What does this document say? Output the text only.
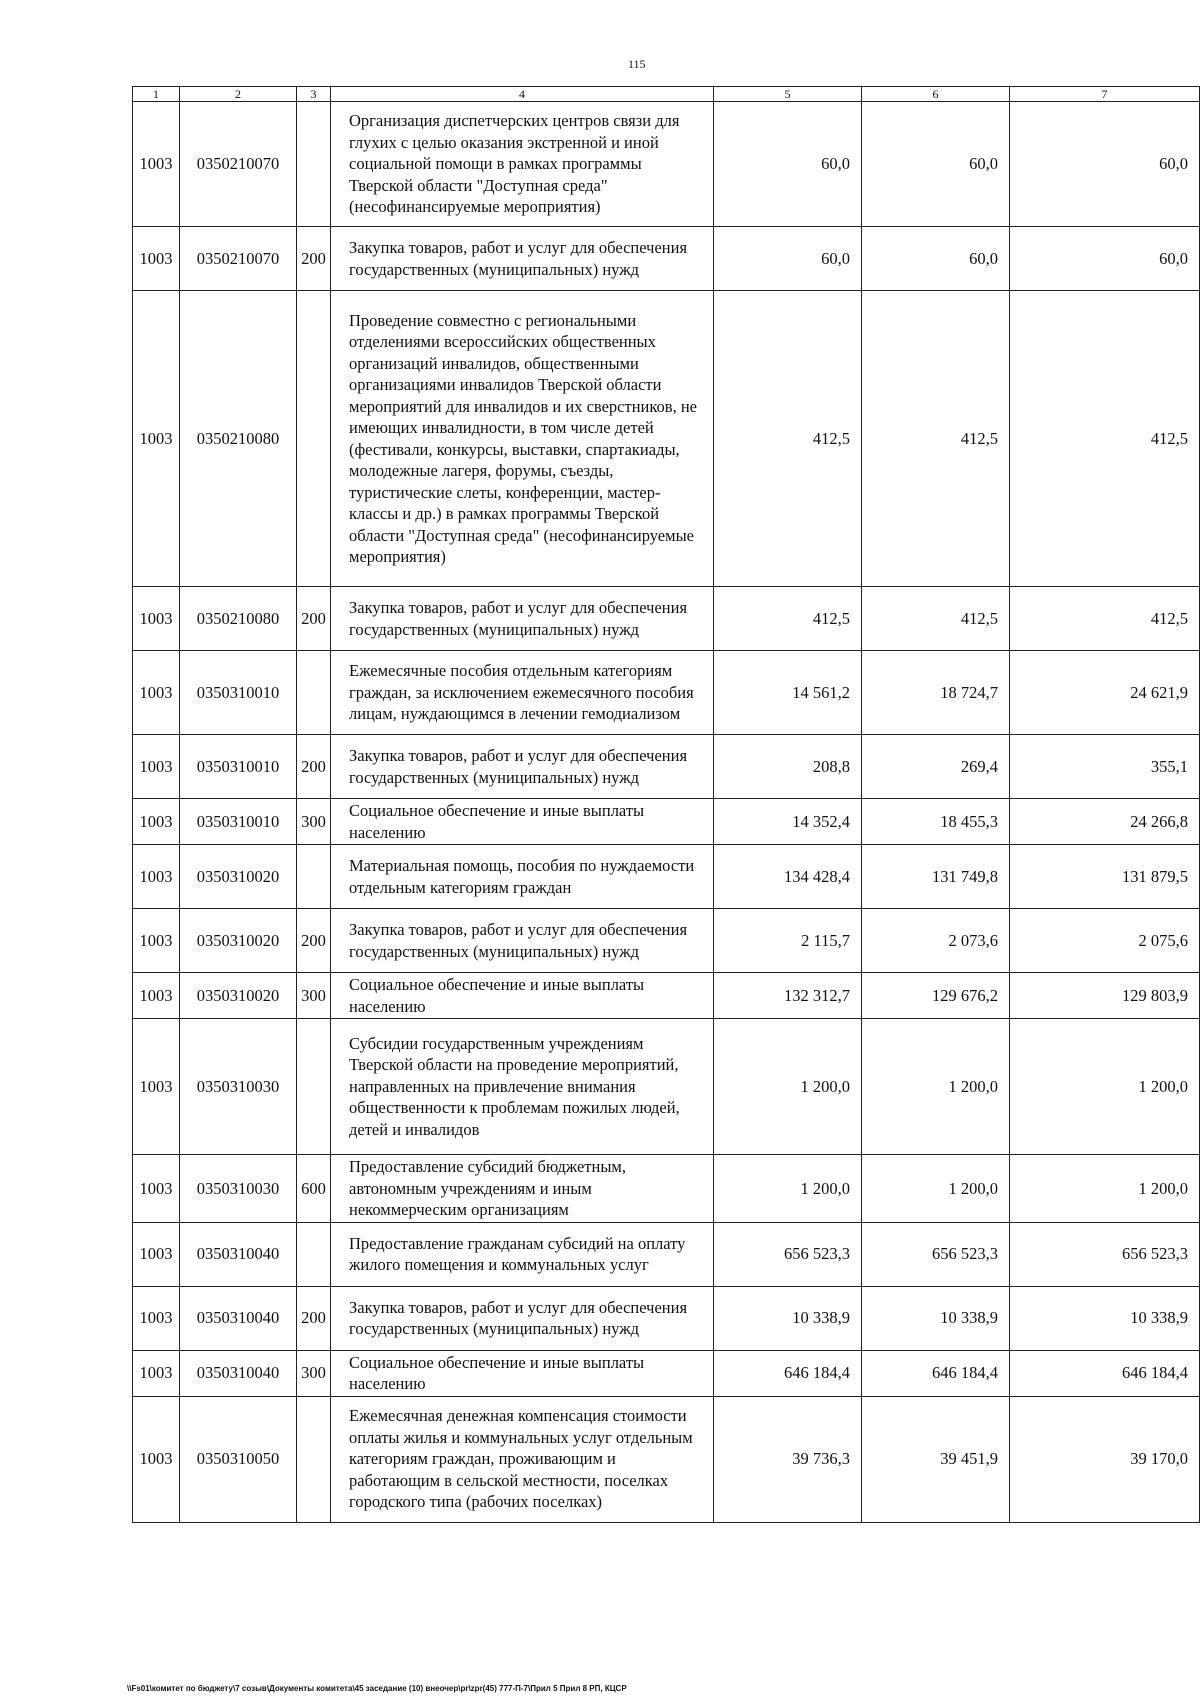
115
1	2	3	4	5	6	7
1003	0350210070		Организация диспетчерских центров связи для глухих с целью оказания экстренной и иной социальной помощи в рамках программы Тверской области "Доступная среда" (несофинансируемые мероприятия)	60,0	60,0	60,0
1003	0350210070	200	Закупка товаров, работ и услуг для обеспечения государственных (муниципальных) нужд	60,0	60,0	60,0
1003	0350210080		Проведение совместно с региональными отделениями всероссийских общественных организаций инвалидов, общественными организациями инвалидов Тверской области мероприятий для инвалидов и их сверстников, не имеющих инвалидности, в том числе детей (фестивали, конкурсы, выставки, спартакиады, молодежные лагеря, форумы, съезды, туристические слеты, конференции, мастер-классы и др.) в рамках программы Тверской области "Доступная среда" (несофинансируемые мероприятия)	412,5	412,5	412,5
1003	0350210080	200	Закупка товаров, работ и услуг для обеспечения государственных (муниципальных) нужд	412,5	412,5	412,5
1003	0350310010		Ежемесячные пособия отдельным категориям граждан, за исключением ежемесячного пособия лицам, нуждающимся в лечении гемодиализом	14 561,2	18 724,7	24 621,9
1003	0350310010	200	Закупка товаров, работ и услуг для обеспечения государственных (муниципальных) нужд	208,8	269,4	355,1
1003	0350310010	300	Социальное обеспечение и иные выплаты населению	14 352,4	18 455,3	24 266,8
1003	0350310020		Материальная помощь, пособия по нуждаемости отдельным категориям граждан	134 428,4	131 749,8	131 879,5
1003	0350310020	200	Закупка товаров, работ и услуг для обеспечения государственных (муниципальных) нужд	2 115,7	2 073,6	2 075,6
1003	0350310020	300	Социальное обеспечение и иные выплаты населению	132 312,7	129 676,2	129 803,9
1003	0350310030		Субсидии государственным учреждениям Тверской области на проведение мероприятий, направленных на привлечение внимания общественности к проблемам пожилых людей, детей и инвалидов	1 200,0	1 200,0	1 200,0
1003	0350310030	600	Предоставление субсидий бюджетным, автономным учреждениям и иным некоммерческим организациям	1 200,0	1 200,0	1 200,0
1003	0350310040		Предоставление гражданам субсидий на оплату жилого помещения и коммунальных услуг	656 523,3	656 523,3	656 523,3
1003	0350310040	200	Закупка товаров, работ и услуг для обеспечения государственных (муниципальных) нужд	10 338,9	10 338,9	10 338,9
1003	0350310040	300	Социальное обеспечение и иные выплаты населению	646 184,4	646 184,4	646 184,4
1003	0350310050		Ежемесячная денежная компенсация стоимости оплаты жилья и коммунальных услуг отдельным категориям граждан, проживающим и работающим в сельской местности, поселках городского типа (рабочих поселках)	39 736,3	39 451,9	39 170,0
\\Fs01\комитет по бюджету\7 созыв\Документы комитета\45 заседание (10) внеочер\pr\zpr(45) 777-П-7\Прил 5 Прил 8 РП, КЦСР
